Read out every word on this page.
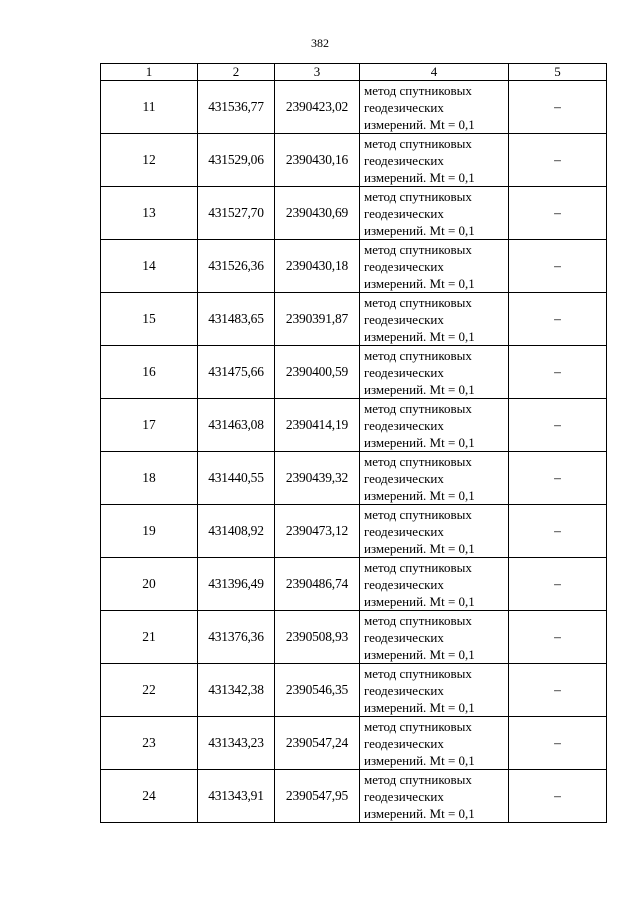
382
1	2	3	4	5
11	431536,77	2390423,02	метод спутниковых
геодезических
измерений. Mt = 0,1	–
12	431529,06	2390430,16	метод спутниковых
геодезических
измерений. Mt = 0,1	–
13	431527,70	2390430,69	метод спутниковых
геодезических
измерений. Mt = 0,1	–
14	431526,36	2390430,18	метод спутниковых
геодезических
измерений. Mt = 0,1	–
15	431483,65	2390391,87	метод спутниковых
геодезических
измерений. Mt = 0,1	–
16	431475,66	2390400,59	метод спутниковых
геодезических
измерений. Mt = 0,1	–
17	431463,08	2390414,19	метод спутниковых
геодезических
измерений. Mt = 0,1	–
18	431440,55	2390439,32	метод спутниковых
геодезических
измерений. Mt = 0,1	–
19	431408,92	2390473,12	метод спутниковых
геодезических
измерений. Mt = 0,1	–
20	431396,49	2390486,74	метод спутниковых
геодезических
измерений. Mt = 0,1	–
21	431376,36	2390508,93	метод спутниковых
геодезических
измерений. Mt = 0,1	–
22	431342,38	2390546,35	метод спутниковых
геодезических
измерений. Mt = 0,1	–
23	431343,23	2390547,24	метод спутниковых
геодезических
измерений. Mt = 0,1	–
24	431343,91	2390547,95	метод спутниковых
геодезических
измерений. Mt = 0,1	–
